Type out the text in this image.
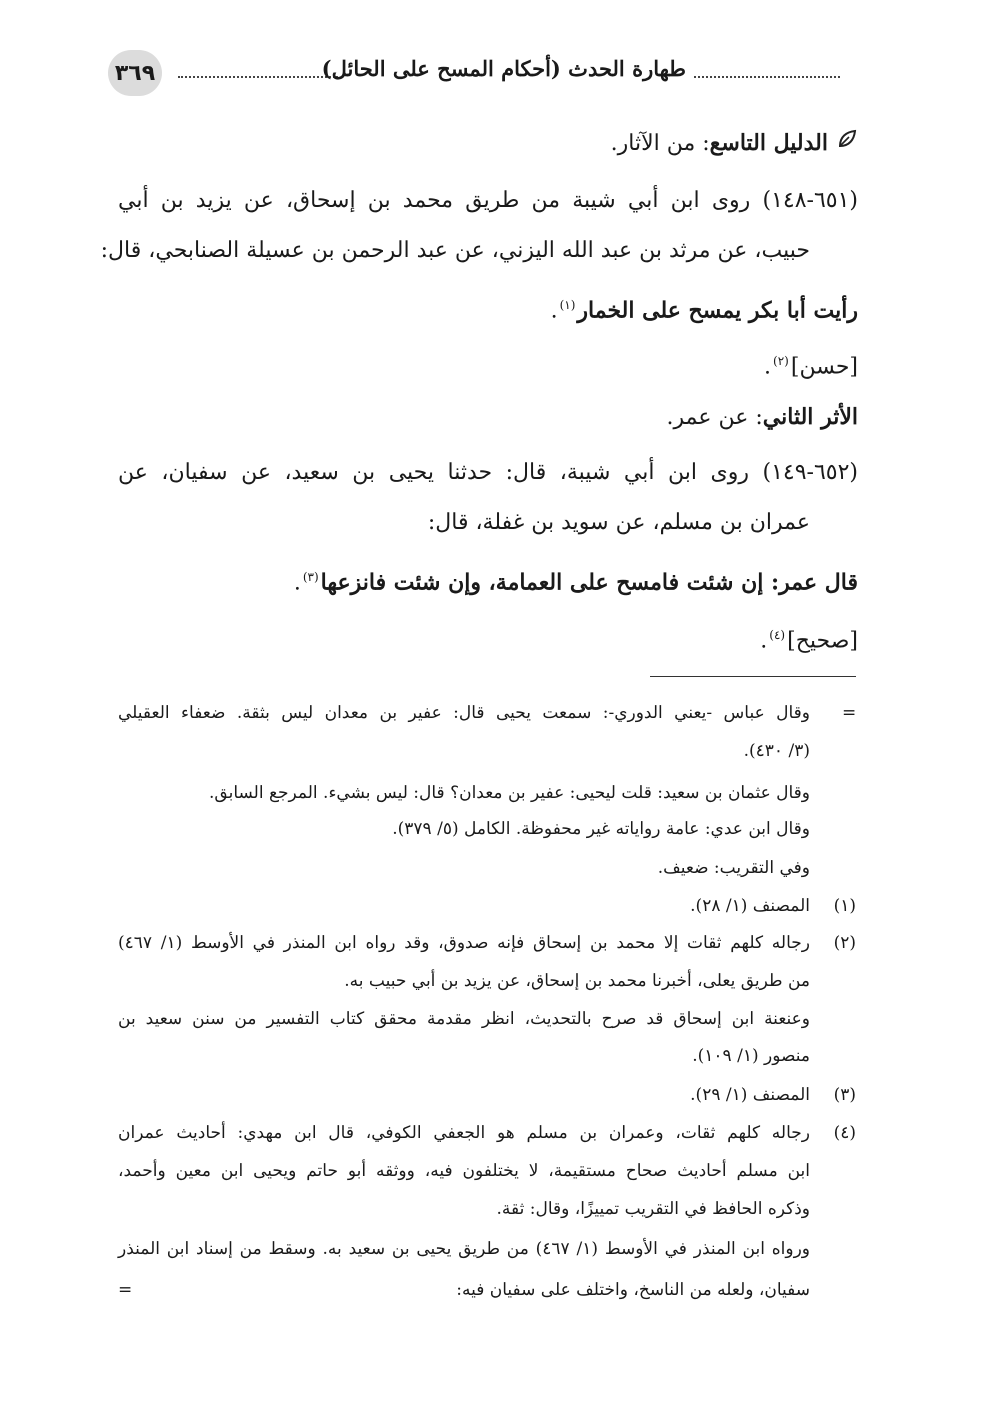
٣٦٩	طهارة الحدث (أحكام المسح على الحائل)
الدليل التاسع: من الآثار.
(٦٥١-١٤٨) روى ابن أبي شيبة من طريق محمد بن إسحاق، عن يزيد بن أبي
حبيب، عن مرثد بن عبد الله اليزني، عن عبد الرحمن بن عسيلة الصنابحي، قال:
رأيت أبا بكر يمسح على الخمار$^{(١)}$.
[حسن]$^{(٢)}$.
الأثر الثاني: عن عمر.
(٦٥٢-١٤٩) روى ابن أبي شيبة، قال: حدثنا يحيى بن سعيد، عن سفيان، عن
عمران بن مسلم، عن سويد بن غفلة، قال:
قال عمر: إن شئت فامسح على العمامة، وإن شئت فانزعها$^{(٣)}$.
[صحيح]$^{(٤)}$.
=
وقال عباس -يعني الدوري-: سمعت يحيى قال: عفير بن معدان ليس بثقة. ضعفاء العقيلي
(٣/ ٤٣٠).
وقال عثمان بن سعيد: قلت ليحيى: عفير بن معدان؟ قال: ليس بشيء. المرجع السابق.
وقال ابن عدي: عامة رواياته غير محفوظة. الكامل (٥/ ٣٧٩).
وفي التقريب: ضعيف.
(١)
المصنف (١/ ٢٨).
(٢)
رجاله كلهم ثقات إلا محمد بن إسحاق فإنه صدوق، وقد رواه ابن المنذر في الأوسط (١/ ٤٦٧)
من طريق يعلى، أخبرنا محمد بن إسحاق، عن يزيد بن أبي حبيب به.
وعنعنة ابن إسحاق قد صرح بالتحديث، انظر مقدمة محقق كتاب التفسير من سنن سعيد بن
منصور (١/ ١٠٩).
(٣)
المصنف (١/ ٢٩).
(٤)
رجاله كلهم ثقات، وعمران بن مسلم هو الجعفي الكوفي، قال ابن مهدي: أحاديث عمران
ابن مسلم أحاديث صحاح مستقيمة، لا يختلفون فيه، ووثقه أبو حاتم ويحيى ابن معين وأحمد،
وذكره الحافظ في التقريب تمييزًا، وقال: ثقة.
ورواه ابن المنذر في الأوسط (١/ ٤٦٧) من طريق يحيى بن سعيد به. وسقط من إسناد ابن المنذر
سفيان، ولعله من الناسخ، واختلف على سفيان فيه:
=
